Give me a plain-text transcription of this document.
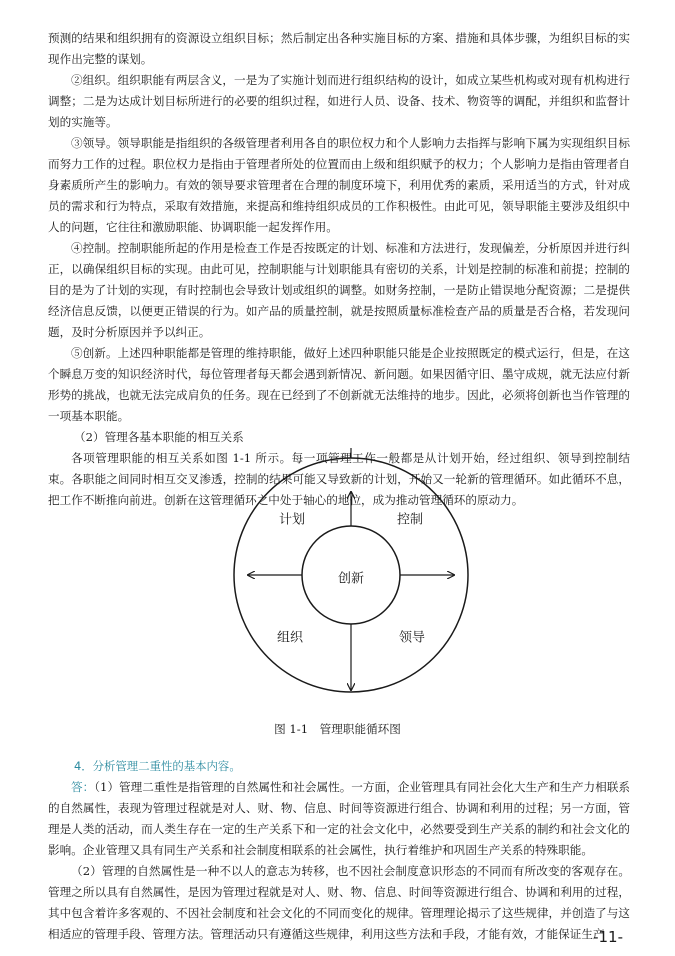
预测的结果和组织拥有的资源设立组织目标；然后制定出各种实施目标的方案、措施和具体步骤，为组织目标的实现作出完整的谋划。

②组织。组织职能有两层含义，一是为了实施计划而进行组织结构的设计，如成立某些机构或对现有机构进行调整；二是为达成计划目标所进行的必要的组织过程，如进行人员、设备、技术、物资等的调配，并组织和监督计划的实施等。

③领导。领导职能是指组织的各级管理者利用各自的职位权力和个人影响力去指挥与影响下属为实现组织目标而努力工作的过程。职位权力是指由于管理者所处的位置而由上级和组织赋予的权力；个人影响力是指由管理者自身素质所产生的影响力。有效的领导要求管理者在合理的制度环境下，利用优秀的素质，采用适当的方式，针对成员的需求和行为特点，采取有效措施，来提高和维持组织成员的工作积极性。由此可见，领导职能主要涉及组织中人的问题，它往往和激励职能、协调职能一起发挥作用。

④控制。控制职能所起的作用是检查工作是否按既定的计划、标准和方法进行，发现偏差，分析原因并进行纠正，以确保组织目标的实现。由此可见，控制职能与计划职能具有密切的关系，计划是控制的标准和前提；控制的目的是为了计划的实现，有时控制也会导致计划或组织的调整。如财务控制，一是防止错误地分配资源；二是提供经济信息反馈，以便更正错误的行为。如产品的质量控制，就是按照质量标准检查产品的质量是否合格，若发现问题，及时分析原因并予以纠正。

⑤创新。上述四种职能都是管理的维持职能，做好上述四种职能只能是企业按照既定的模式运行，但是，在这个瞬息万变的知识经济时代，每位管理者每天都会遇到新情况、新问题。如果因循守旧、墨守成规，就无法应付新形势的挑战，也就无法完成肩负的任务。现在已经到了不创新就无法维持的地步。因此，必须将创新也当作管理的一项基本职能。

（2）管理各基本职能的相互关系

各项管理职能的相互关系如图 1-1 所示。每一项管理工作一般都是从计划开始，经过组织、领导到控制结束。各职能之间同时相互交叉渗透，控制的结果可能又导致新的计划，开始又一轮新的管理循环。如此循环不息，把工作不断推向前进。创新在这管理循环之中处于轴心的地位，成为推动管理循环的原动力。

计划	控制
创新
组织	领导
图 1-1　管理职能循环图

4．分析管理二重性的基本内容。

答：（1）管理二重性是指管理的自然属性和社会属性。一方面，企业管理具有同社会化大生产和生产力相联系的自然属性，表现为管理过程就是对人、财、物、信息、时间等资源进行组合、协调和利用的过程；另一方面，管理是人类的活动，而人类生存在一定的生产关系下和一定的社会文化中，必然要受到生产关系的制约和社会文化的影响。企业管理又具有同生产关系和社会制度相联系的社会属性，执行着维护和巩固生产关系的特殊职能。

（2）管理的自然属性是一种不以人的意志为转移，也不因社会制度意识形态的不同而有所改变的客观存在。管理之所以具有自然属性，是因为管理过程就是对人、财、物、信息、时间等资源进行组合、协调和利用的过程，其中包含着许多客观的、不因社会制度和社会文化的不同而变化的规律。管理理论揭示了这些规律，并创造了与这相适应的管理手段、管理方法。管理活动只有遵循这些规律，利用这些方法和手段，才能有效，才能保证生产

-11-
